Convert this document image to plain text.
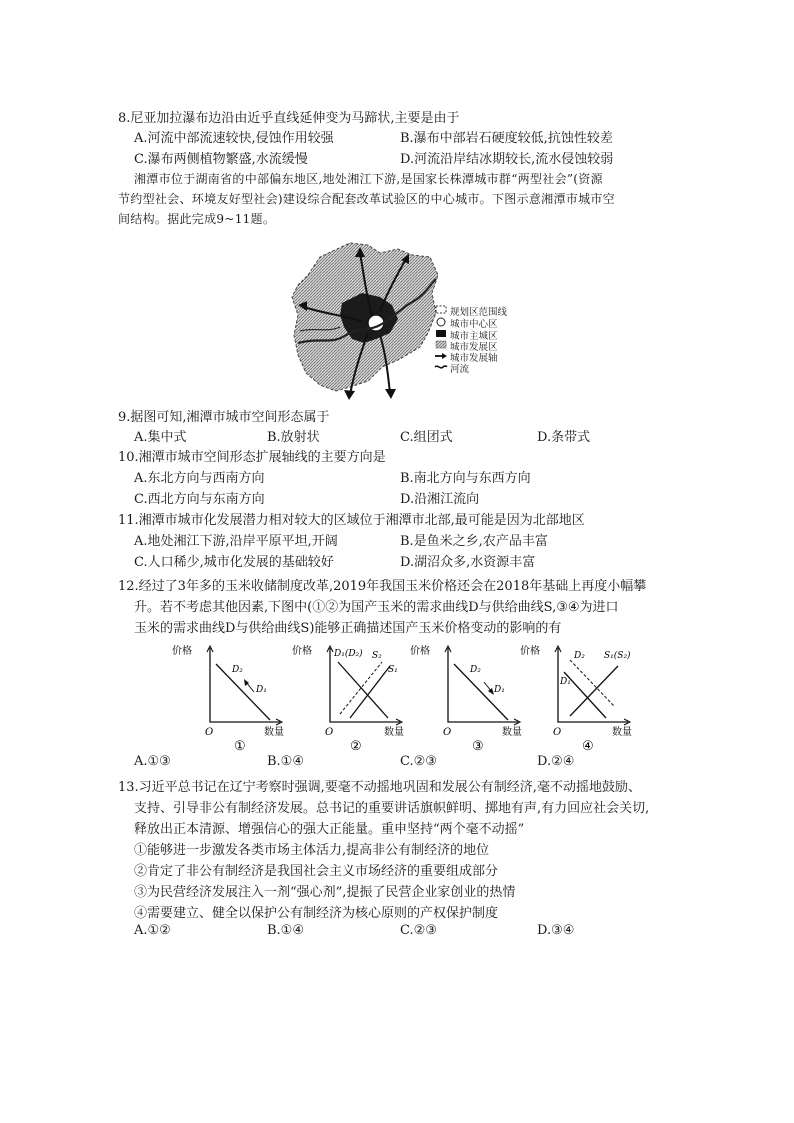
8.尼亚加拉瀑布边沿由近乎直线延伸变为马蹄状,主要是由于
A.河流中部流速较快,侵蚀作用较强	B.瀑布中部岩石硬度较低,抗蚀性较差
C.瀑布两侧植物繁盛,水流缓慢	D.河流沿岸结冰期较长,流水侵蚀较弱
湘潭市位于湖南省的中部偏东地区,地处湘江下游,是国家长株潭城市群“两型社会”(资源
节约型社会、环境友好型社会)建设综合配套改革试验区的中心城市。下图示意湘潭市城市空
间结构。据此完成9~11题。
规划区范围线
城市中心区
城市主城区
城市发展区
城市发展轴
河流
9.据图可知,湘潭市城市空间形态属于
A.集中式	B.放射状	C.组团式	D.条带式
10.湘潭市城市空间形态扩展轴线的主要方向是
A.东北方向与西南方向	B.南北方向与东西方向
C.西北方向与东南方向	D.沿湘江流向
11.湘潭市城市化发展潜力相对较大的区域位于湘潭市北部,最可能是因为北部地区
A.地处湘江下游,沿岸平原平坦,开阔	B.是鱼米之乡,农产品丰富
C.人口稀少,城市化发展的基础较好	D.湖沼众多,水资源丰富
12.经过了3年多的玉米收储制度改革,2019年我国玉米价格还会在2018年基础上再度小幅攀
升。若不考虑其他因素,下图中(①②为国产玉米的需求曲线D与供给曲线S,③④为进口
玉米的需求曲线D与供给曲线S)能够正确描述国产玉米价格变动的影响的有
价格
O	数量
D₂
D₁
①
价格
O	数量
D₁(D₂) S₂
S₁
②
价格
O	数量
D₂
D₁
③
价格
O	数量
D₂ S₁(S₂)
D₁
④
A.①③	B.①④	C.②③	D.②④
13.习近平总书记在辽宁考察时强调,要毫不动摇地巩固和发展公有制经济,毫不动摇地鼓励、
支持、引导非公有制经济发展。总书记的重要讲话旗帜鲜明、掷地有声,有力回应社会关切,
释放出正本清源、增强信心的强大正能量。重申坚持“两个毫不动摇”
①能够进一步激发各类市场主体活力,提高非公有制经济的地位
②肯定了非公有制经济是我国社会主义市场经济的重要组成部分
③为民营经济发展注入一剂“强心剂”,提振了民营企业家创业的热情
④需要建立、健全以保护公有制经济为核心原则的产权保护制度
A.①②	B.①④	C.②③	D.③④
